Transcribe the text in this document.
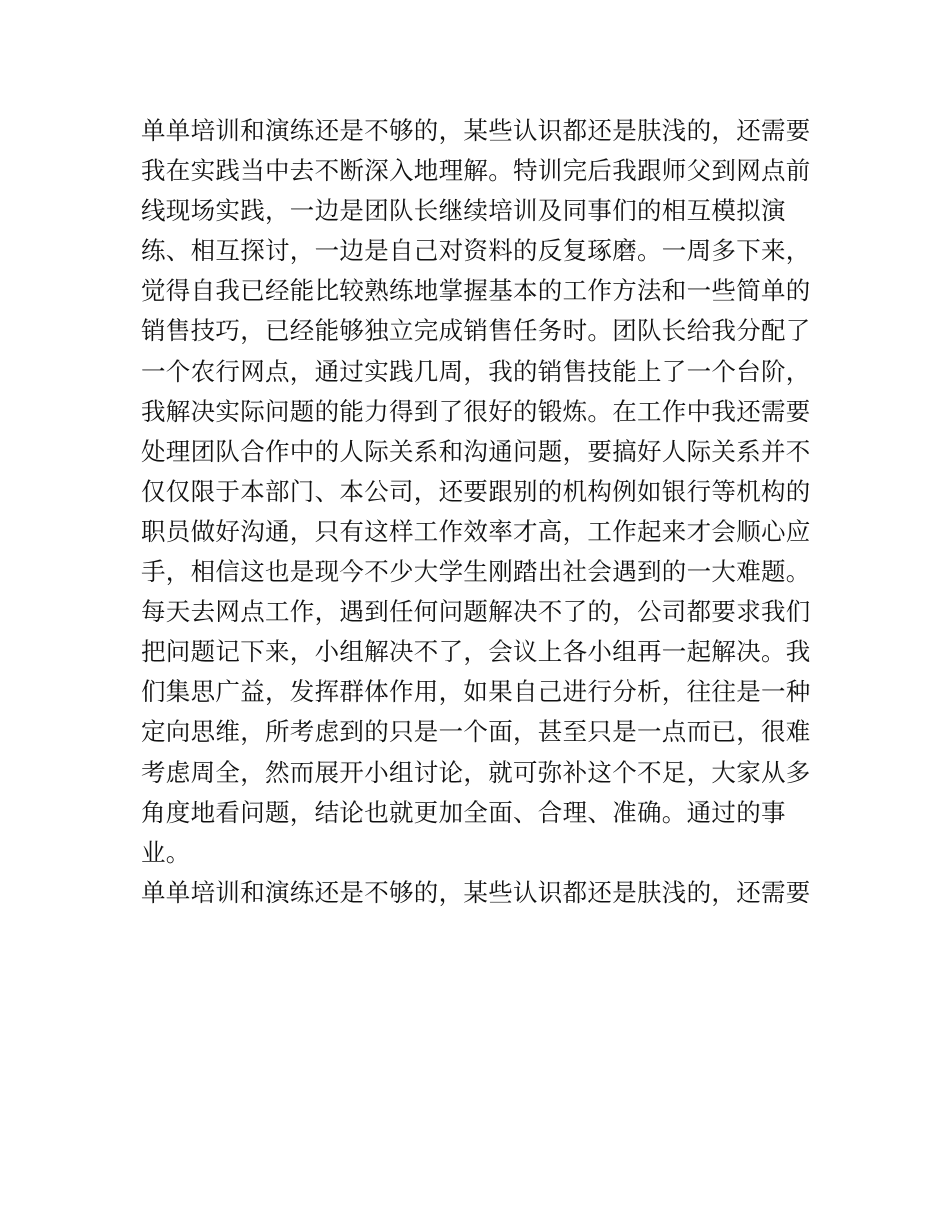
单单培训和演练还是不够的，某些认识都还是肤浅的，还需要
我在实践当中去不断深入地理解。特训完后我跟师父到网点前
线现场实践，一边是团队长继续培训及同事们的相互模拟演
练、相互探讨，一边是自己对资料的反复琢磨。一周多下来，
觉得自我已经能比较熟练地掌握基本的工作方法和一些简单的
销售技巧，已经能够独立完成销售任务时。团队长给我分配了
一个农行网点，通过实践几周，我的销售技能上了一个台阶，
我解决实际问题的能力得到了很好的锻炼。在工作中我还需要
处理团队合作中的人际关系和沟通问题，要搞好人际关系并不
仅仅限于本部门、本公司，还要跟别的机构例如银行等机构的
职员做好沟通，只有这样工作效率才高，工作起来才会顺心应
手，相信这也是现今不少大学生刚踏出社会遇到的一大难题。
每天去网点工作，遇到任何问题解决不了的，公司都要求我们
把问题记下来，小组解决不了，会议上各小组再一起解决。我
们集思广益，发挥群体作用，如果自己进行分析，往往是一种
定向思维，所考虑到的只是一个面，甚至只是一点而已，很难
考虑周全，然而展开小组讨论，就可弥补这个不足，大家从多
角度地看问题，结论也就更加全面、合理、准确。通过的事
业。
单单培训和演练还是不够的，某些认识都还是肤浅的，还需要
